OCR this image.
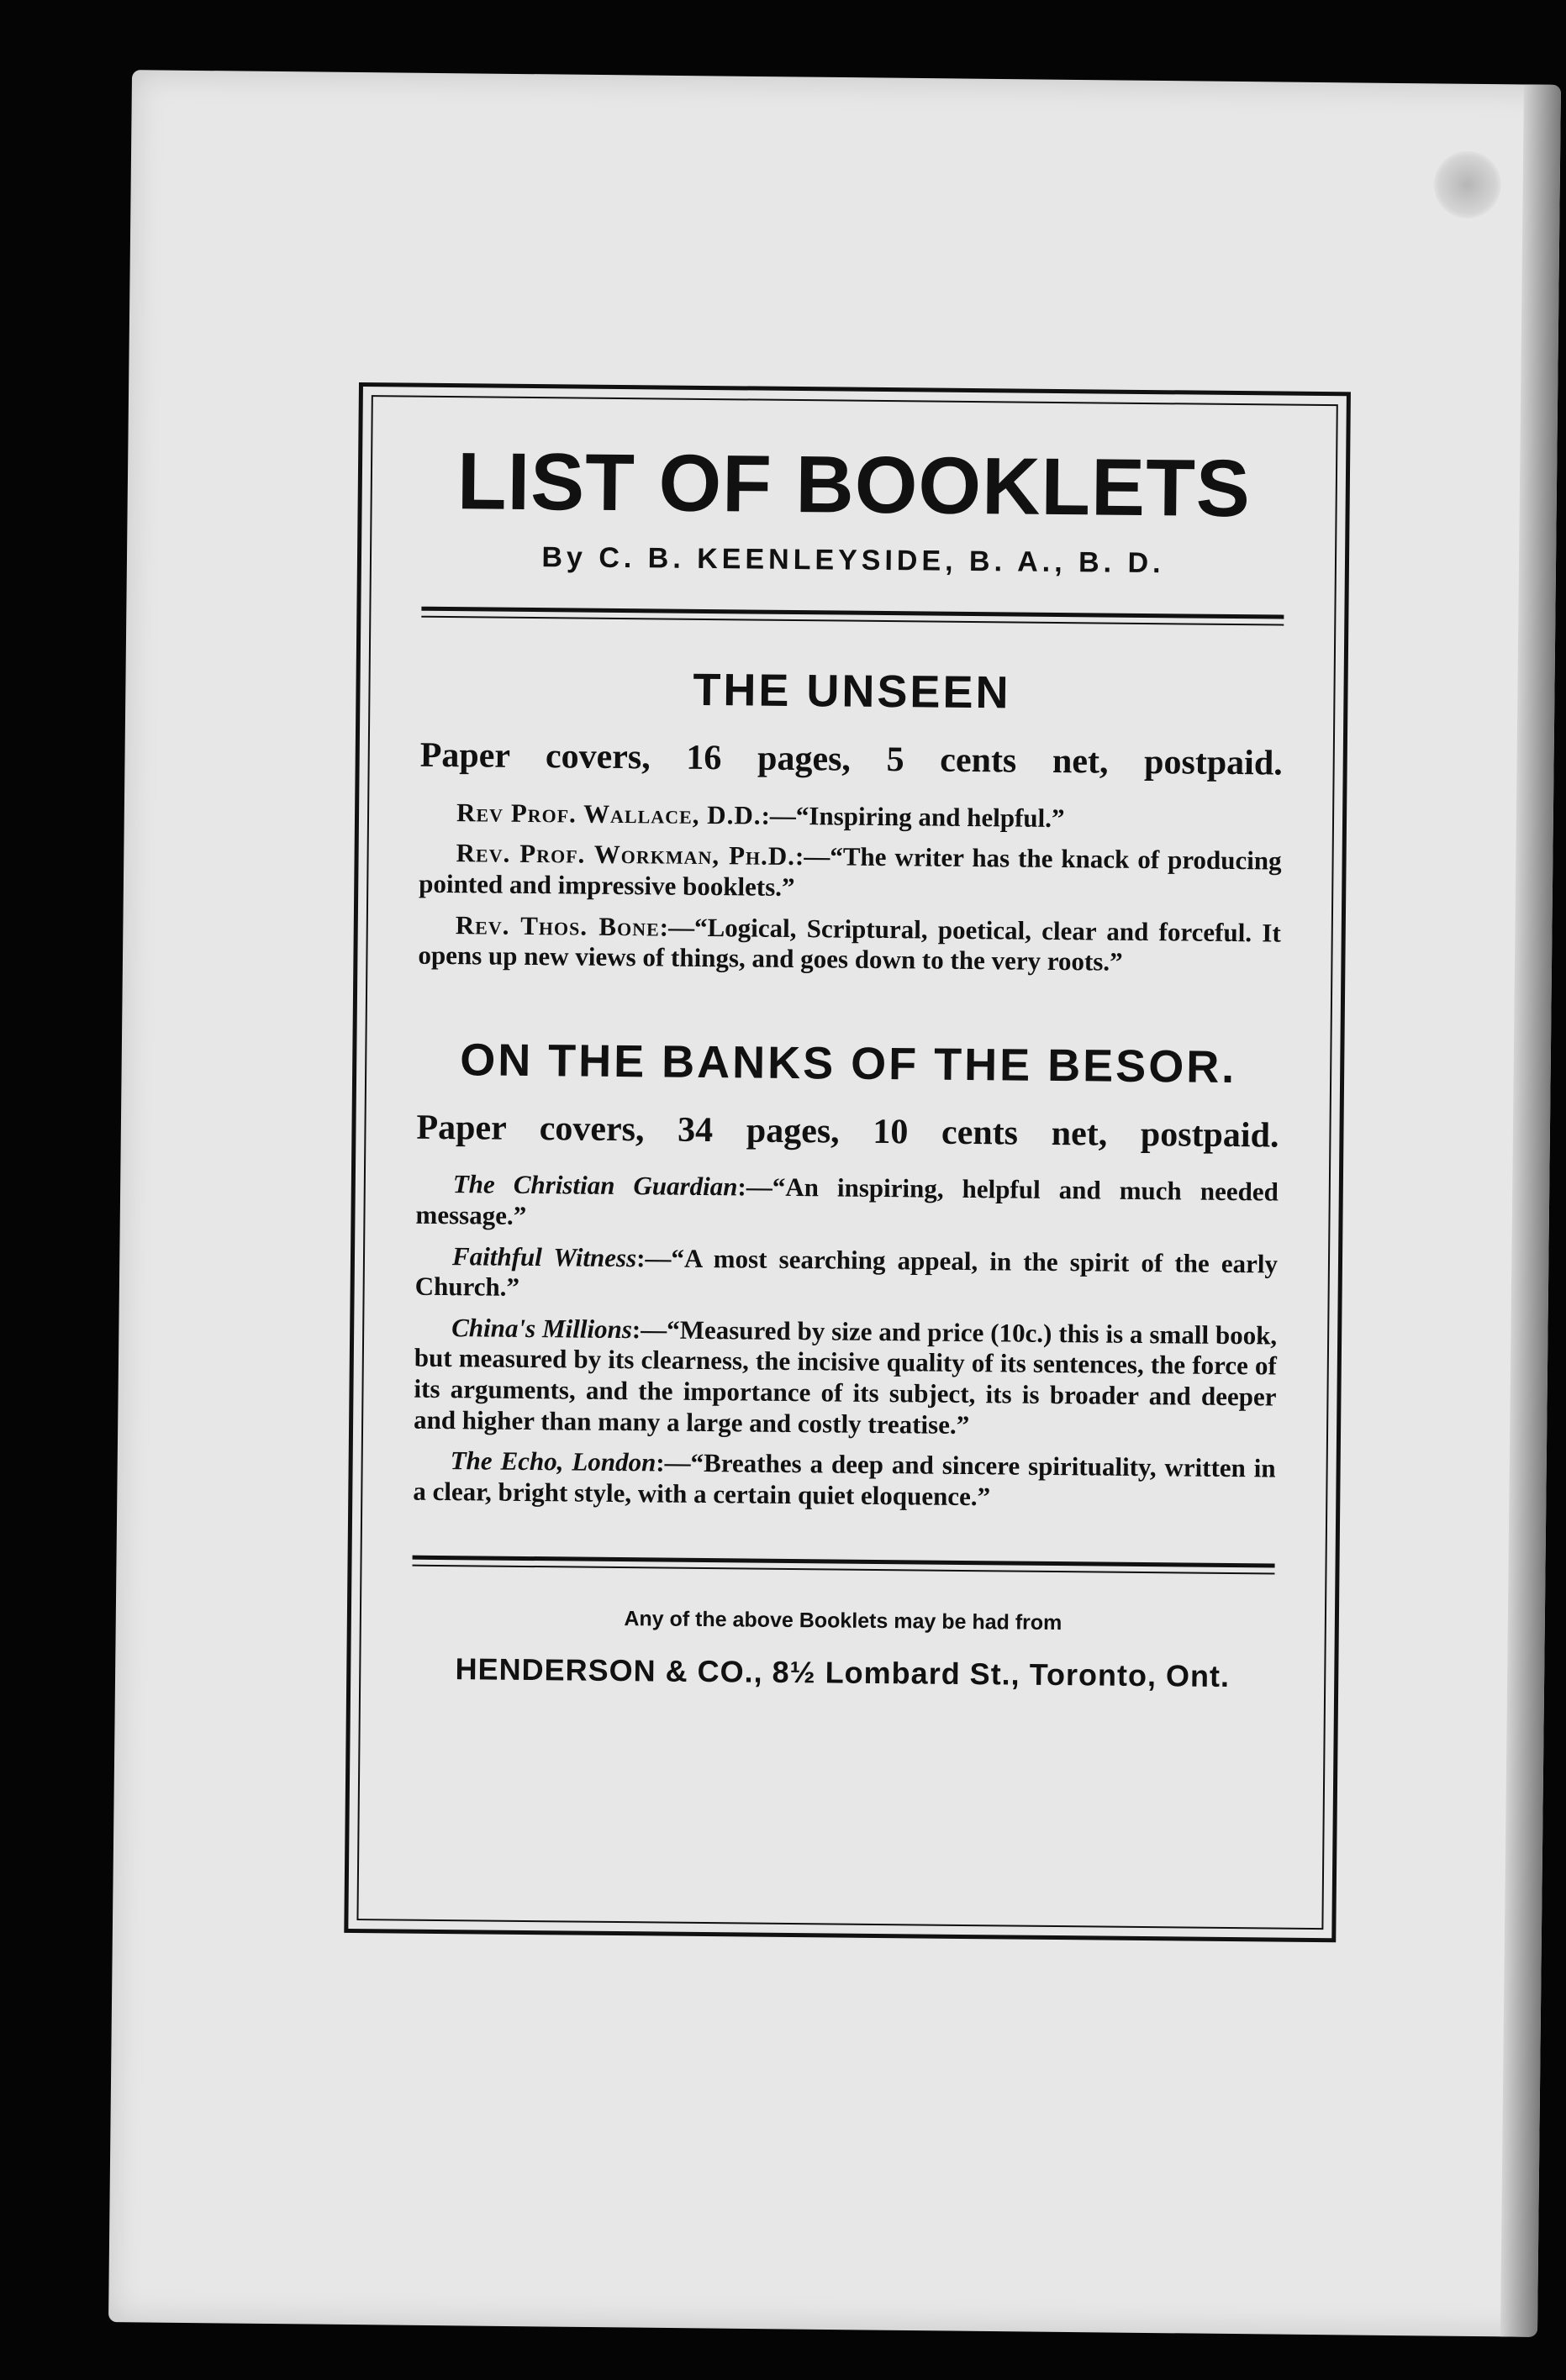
LIST OF BOOKLETS
By C. B. KEENLEYSIDE, B. A., B. D.
THE UNSEEN

Paper covers, 16 pages, 5 cents net, postpaid.

Rev Prof. Wallace, D.D.:—“Inspiring and helpful.”

Rev. Prof. Workman, Ph.D.:—“The writer has the knack of producing pointed and impressive booklets.”

Rev. Thos. Bone:—“Logical, Scriptural, poetical, clear and forceful. It opens up new views of things, and goes down to the very roots.”

ON THE BANKS OF THE BESOR.

Paper covers, 34 pages, 10 cents net, postpaid.

The Christian Guardian:—“An inspiring, helpful and much needed message.”

Faithful Witness:—“A most searching appeal, in the spirit of the early Church.”

China's Millions:—“Measured by size and price (10c.) this is a small book, but measured by its clearness, the incisive quality of its sentences, the force of its arguments, and the importance of its subject, its is broader and deeper and higher than many a large and costly treatise.”

The Echo, London:—“Breathes a deep and sincere spirituality, written in a clear, bright style, with a certain quiet eloquence.”

Any of the above Booklets may be had from
HENDERSON & CO., 8½ Lombard St., Toronto, Ont.
